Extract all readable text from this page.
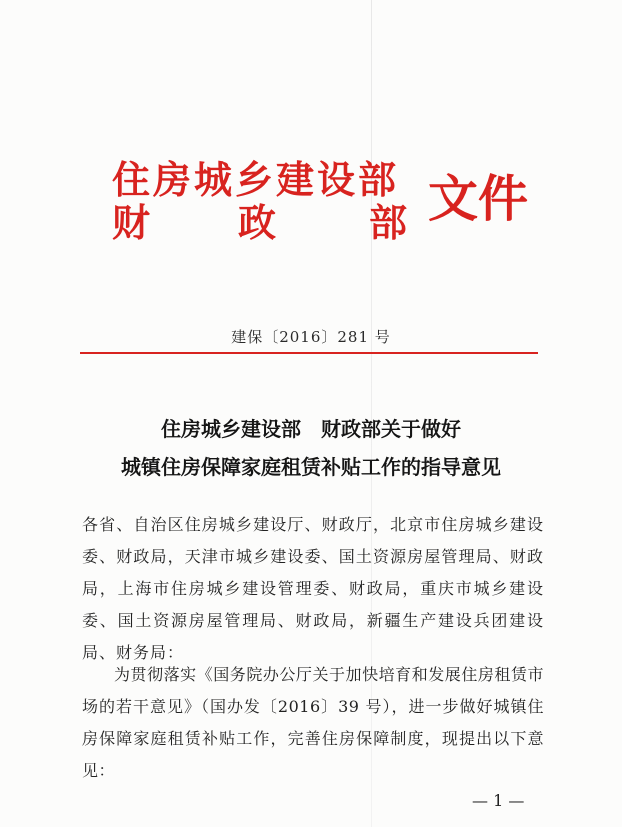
住房城乡建设部
财 政 部 文件
建保〔2016〕281 号
住房城乡建设部　财政部关于做好
城镇住房保障家庭租赁补贴工作的指导意见
各省、自治区住房城乡建设厅、财政厅，北京市住房城乡建设委、财政局，天津市城乡建设委、国土资源房屋管理局、财政局，上海市住房城乡建设管理委、财政局，重庆市城乡建设委、国土资源房屋管理局、财政局，新疆生产建设兵团建设局、财务局：
为贯彻落实《国务院办公厅关于加快培育和发展住房租赁市场的若干意见》（国办发〔2016〕39 号），进一步做好城镇住房保障家庭租赁补贴工作，完善住房保障制度，现提出以下意见：
— 1 —
